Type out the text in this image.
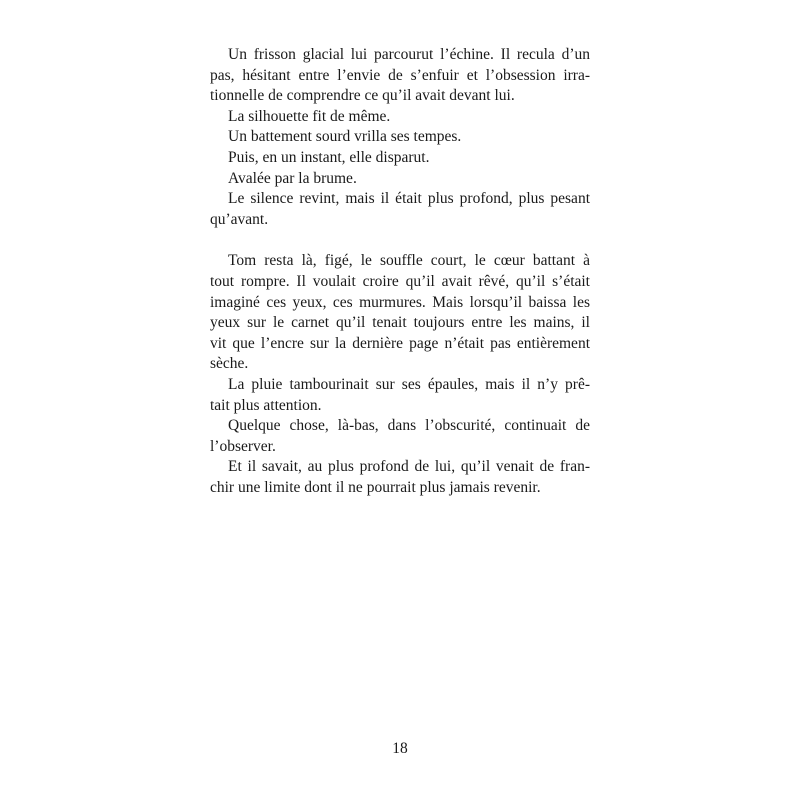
Un frisson glacial lui parcourut l’échine. Il recula d’un
pas, hésitant entre l’envie de s’enfuir et l’obsession irra-
tionnelle de comprendre ce qu’il avait devant lui.
La silhouette fit de même.
Un battement sourd vrilla ses tempes.
Puis, en un instant, elle disparut.
Avalée par la brume.
Le silence revint, mais il était plus profond, plus pesant
qu’avant.
Tom resta là, figé, le souffle court, le cœur battant à
tout rompre. Il voulait croire qu’il avait rêvé, qu’il s’était
imaginé ces yeux, ces murmures. Mais lorsqu’il baissa les
yeux sur le carnet qu’il tenait toujours entre les mains, il
vit que l’encre sur la dernière page n’était pas entièrement
sèche.
La pluie tambourinait sur ses épaules, mais il n’y prê-
tait plus attention.
Quelque chose, là-bas, dans l’obscurité, continuait de
l’observer.
Et il savait, au plus profond de lui, qu’il venait de fran-
chir une limite dont il ne pourrait plus jamais revenir.
18
